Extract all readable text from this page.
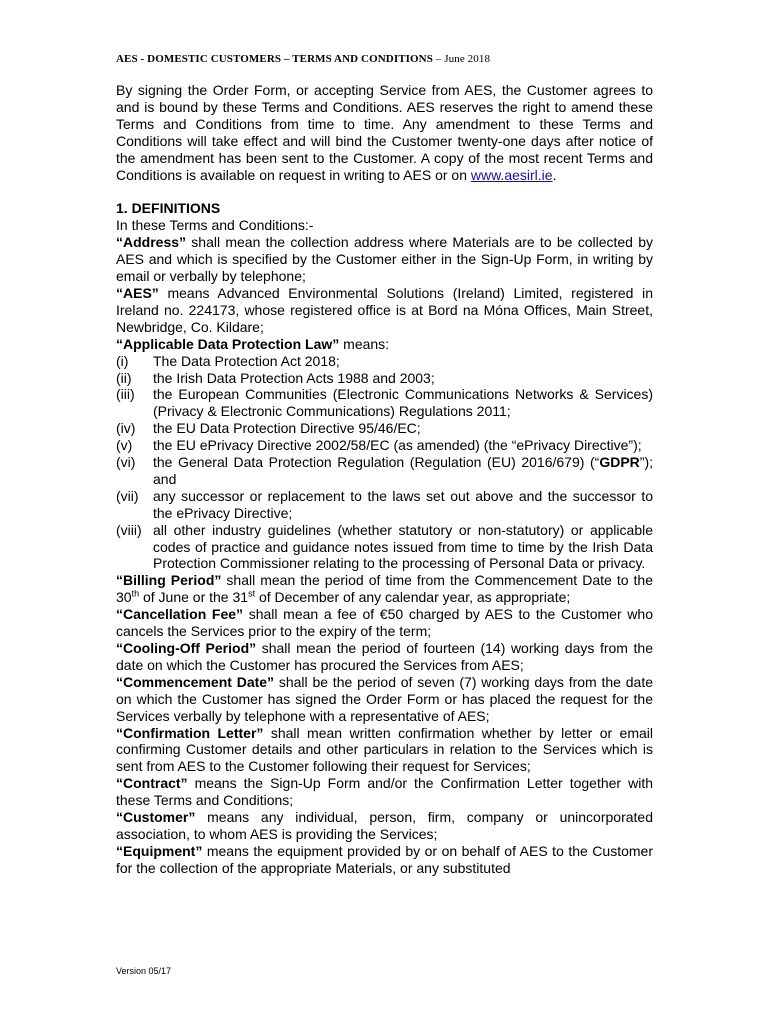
AES - DOMESTIC CUSTOMERS – TERMS AND CONDITIONS – June 2018

By signing the Order Form, or accepting Service from AES, the Customer agrees to and is bound by these Terms and Conditions. AES reserves the right to amend these Terms and Conditions from time to time. Any amendment to these Terms and Conditions will take effect and will bind the Customer twenty-one days after notice of the amendment has been sent to the Customer. A copy of the most recent Terms and Conditions is available on request in writing to AES or on www.aesirl.ie.

1. DEFINITIONS

In these Terms and Conditions:-

“Address” shall mean the collection address where Materials are to be collected by AES and which is specified by the Customer either in the Sign-Up Form, in writing by email or verbally by telephone;

“AES” means Advanced Environmental Solutions (Ireland) Limited, registered in Ireland no. 224173, whose registered office is at Bord na Móna Offices, Main Street, Newbridge, Co. Kildare;

“Applicable Data Protection Law” means:

(i)	The Data Protection Act 2018;
(ii)	the Irish Data Protection Acts 1988 and 2003;
(iii)	the European Communities (Electronic Communications Networks & Services) (Privacy & Electronic Communications) Regulations 2011;
(iv)	the EU Data Protection Directive 95/46/EC;
(v)	the EU ePrivacy Directive 2002/58/EC (as amended) (the “ePrivacy Directive”);
(vi)	the General Data Protection Regulation (Regulation (EU) 2016/679) (“GDPR”); and
(vii)	any successor or replacement to the laws set out above and the successor to the ePrivacy Directive;
(viii) all other industry guidelines (whether statutory or non-statutory) or applicable codes of practice and guidance notes issued from time to time by the Irish Data Protection Commissioner relating to the processing of Personal Data or privacy.

“Billing Period” shall mean the period of time from the Commencement Date to the 30th of June or the 31st of December of any calendar year, as appropriate;

“Cancellation Fee” shall mean a fee of €50 charged by AES to the Customer who cancels the Services prior to the expiry of the term;

“Cooling-Off Period” shall mean the period of fourteen (14) working days from the date on which the Customer has procured the Services from AES;

“Commencement Date” shall be the period of seven (7) working days from the date on which the Customer has signed the Order Form or has placed the request for the Services verbally by telephone with a representative of AES;

“Confirmation Letter” shall mean written confirmation whether by letter or email confirming Customer details and other particulars in relation to the Services which is sent from AES to the Customer following their request for Services;

“Contract” means the Sign-Up Form and/or the Confirmation Letter together with these Terms and Conditions;

“Customer” means any individual, person, firm, company or unincorporated association, to whom AES is providing the Services;

“Equipment” means the equipment provided by or on behalf of AES to the Customer for the collection of the appropriate Materials, or any substituted

Version 05/17
